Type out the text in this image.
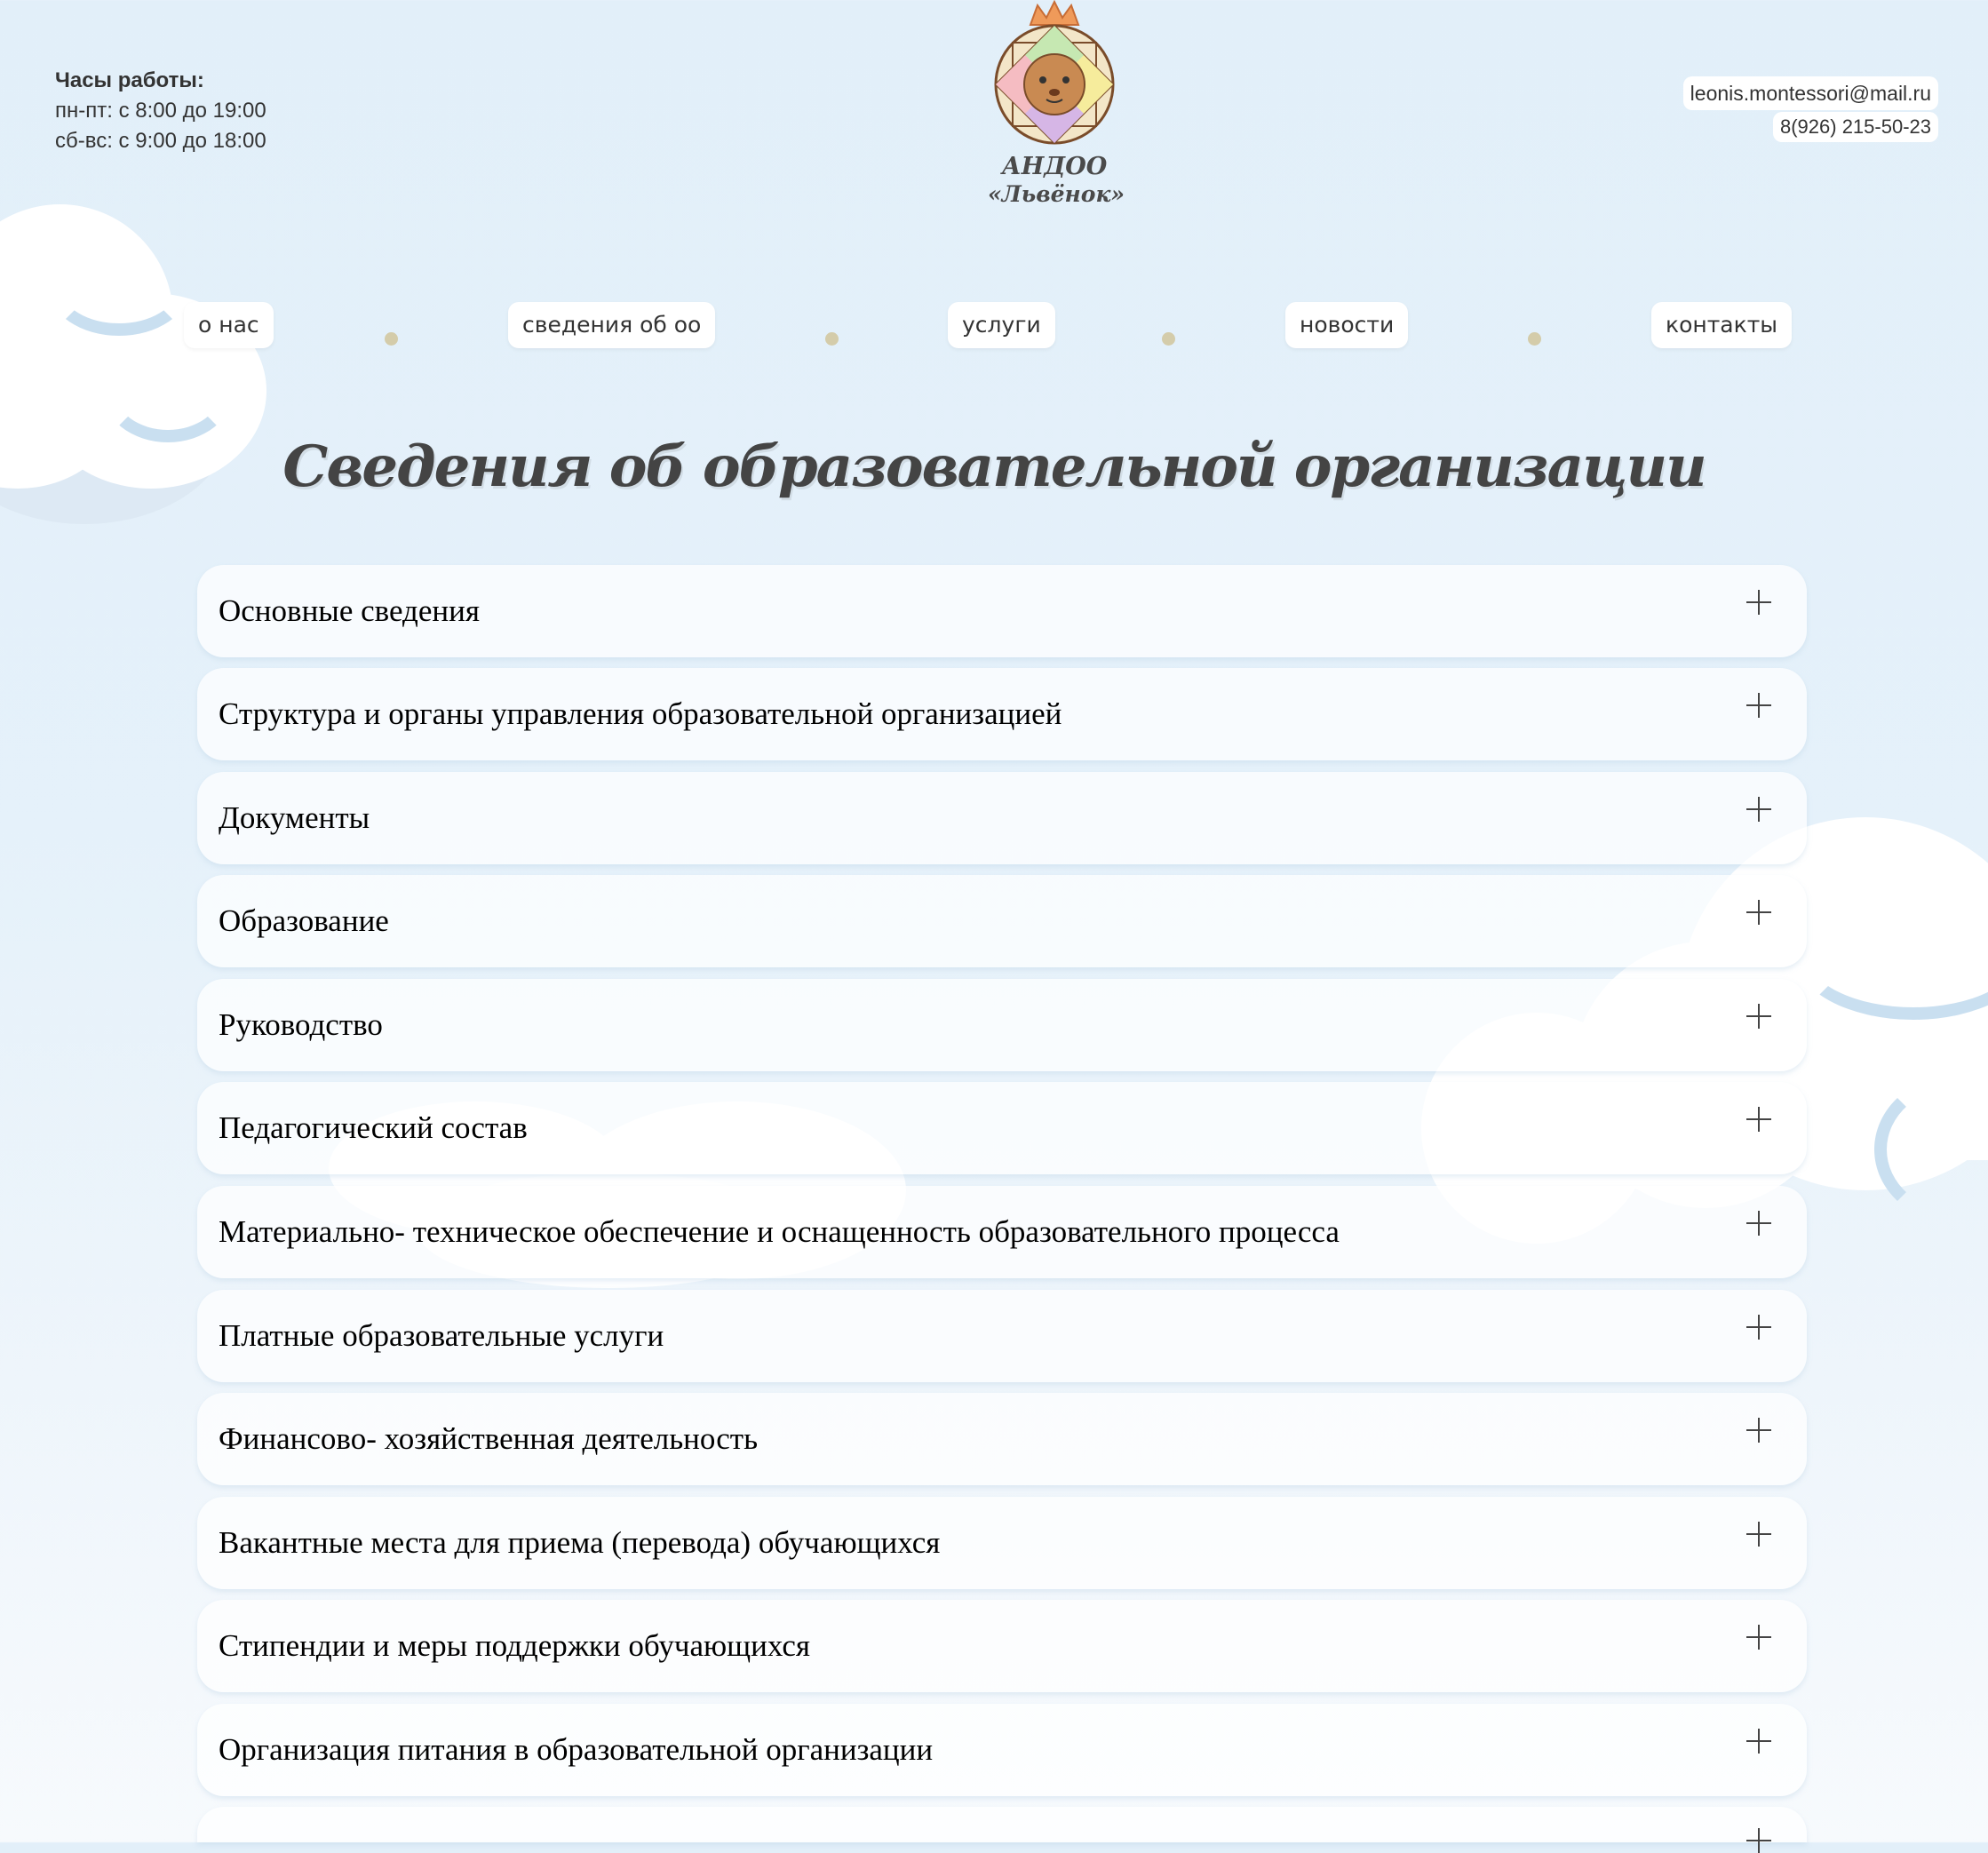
Часы работы:
пн-пт: с 8:00 до 19:00
сб-вс: с 9:00 до 18:00
АНДОО
«Львёнок»
leonis.montessori@mail.ru
8(926) 215-50-23
о нас	сведения об оо	услуги	новости	контакты
Сведения об образовательной организации
Основные сведения
Структура и органы управления образовательной организацией
Документы
Образование
Руководство
Педагогический состав
Материально- техническое обеспечение и оснащенность образовательного процесса
Платные образовательные услуги
Финансово- хозяйственная деятельность
Вакантные места для приема (перевода) обучающихся
Стипендии и меры поддержки обучающихся
Организация питания в образовательной организации
